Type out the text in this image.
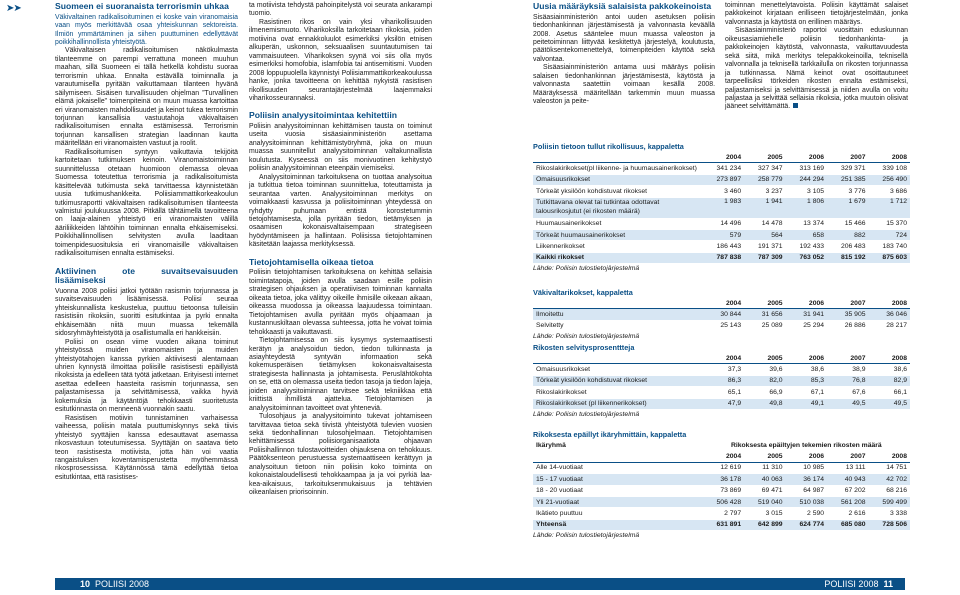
➤➤	Suomeen ei suoranaista terrorismin uhkaa

Väkivaltainen radikalisoituminen ei koske vain viranomaisia vaan myös merkittävää osaa yhteiskunnan sektoreista. Ilmiön ymmärtäminen ja siihen puuttuminen edellyttävät poikkihallinnollista yhteistyötä.

Väkivaltaisen radikalisoitumisen näkökulmasta tilanteemme on parempi verrattuna moneen muuhun maahan, sillä Suomeen ei tällä hetkellä kohdistu suoraa terrorismin uhkaa. Ennalta estävällä toiminnalla ja varautumisella pyritään vaikuttamaan tilanteen hyvänä säilymiseen. Sisäisen turvallisuuden ohjelman ”Turvallinen elämä jokaiselle” toimenpiteinä on muun muassa kartoittaa eri viranomaisten mahdollisuudet ja keinot tukea terrorismin torjunnan kansallisia vastuutahoja väkivaltaisen radikalisoitumisen ennalta estämisessä. Terrorismin torjunnan kansallisen strategian laadinnan kautta määritellään eri viranomaisten vastuut ja roolit.

Radikalisoitumisen syntyyn vaikuttavia tekijöitä kartoitetaan tutkimuksen keinoin. Viranomaistoiminnan suunnittelussa otetaan huomioon olemassa olevaa Suomessa toteutettua terrorismia ja radikalisoitumista käsittelevää tutkimusta sekä tarvittaessa käynnistetään uusia tutkimushankkeita. Poliisiammattikorkeakoulun tutkimusraportti väkivaltaisen radikalisoitumisen tilanteesta valmistui joulukuussa 2008. Pitkällä tähtäimellä tavoitteena on laaja-alainen yhteistyö eri viranomaisten välillä ääriliikkeiden lähtöihin toiminnan ennalta ehkäisemiseksi. Poikkihallinnollisen selvitysten avulla laaditaan toimenpidesuosituksia eri viranomaisille väkivaltaisen radikalisoitumisen ennalta estämiseksi.

Aktiivinen ote suvaitsevaisuuden lisäämiseksi

Vuonna 2008 poliisi jatkoi työtään rasismin torjunnassa ja suvaitsevaisuuden lisäämisessä. Poliisi seuraa yhteiskunnallista keskustelua, puuttuu tietoonsa tulleisiin rasistisiin rikoksiin, suoritti esitutkintaa ja pyrki ennalta ehkäisemään niitä muun muassa tekemällä sidosryhmäyhteistyötä ja osallistumalla eri hankkeisiin.

Poliisi on osean viime vuoden aikana toiminut yhteistyössä muiden viranomaisten ja muiden yhteistyötahojen kanssa pyrkien aktiivisesti alentamaan uhrien kynnystä ilmoittaa poliisille rasistisesti epäillyistä rikoksista ja edelleen tätä työtä jatketaan. Erityisesti internet asettaa edelleen haasteita rasismin torjunnassa, sen paljastamisessa ja selvittämisessä, vaikka hyviä kokemuksia ja käytäntöjä tehokkaasti suoritetusta esitutkinnasta on menneenä vuonnakin saatu.

Rasistisen motiivin tunnistaminen varhaisessa vaiheessa, poliisin matala puuttumiskynnys sekä tiivis yhteistyö syyttäjien kanssa edesauttavat asemassa rikosvastuun toteutumisessa. Syyttäjän on saatava tieto teon rasistisesta motiivista, jotta hän voi vaatia rangaistuksen koventamisperustetta myöhemmässä rikosprosessissa. Käytännössä tämä edellyttää tietoa esitutkintaa, että rasistises-

ta motiivista tehdystä pahoinpitelystä voi seurata ankarampi tuomio.

Rasistinen rikos on vain yksi viharikollisuuden ilmenemismuoto. Viharikoksilla tarkoitetaan rikoksia, joiden motiivina ovat ennakkoluulot esimerkiksi yksilön etnisen alkuperän, uskonnon, seksuaalisen suuntautumisen tai vammaisuuteen. Viharikoksen syynä voi siis olla myös esimerkiksi homofobia, islamfobia tai antisemitismi. Vuoden 2008 loppupuolella käynnistyi Poliisiammattikorkeakoulussa hanke, jonka tavoitteena on kehittää nykyistä rasistisen rikollisuuden seurantajärjestelmää laajemmaksi viharikosseurannaksi.

Poliisin analyysitoimintaa kehitettiin

Poliisin analyysitoiminnan kehittämisen tausta on toiminut useita vuosia sisäasiainministeriön asettama analyysitoiminnan kehittämistyöryhmä, joka on muun muassa suunnitellut analyysitoiminnan valtakunnallista koulutusta. Kyseessä on siis monivuotinen kehitystyö poliisin analyysitoiminnan eteenpäin viemiseksi.

Analyysitoiminnan tarkoituksena on tuottaa analysoitua ja tutkittua tietoa toiminnan suunnittelua, toteuttamista ja seurantaa varten. Analyysitoiminnan merkitys on voimakkaasti kasvussa ja poliisitoiminnan yhteydessä on ryhdytty puhumaan entistä korostetummin tietojohtamisesta, jolla pyritään tiedon, tietämyksen ja osaamisen kokonaisvaltaisempaan strategiseen hyödyntämiseen ja hallintaan. Poliisissa tietojohtaminen käsitetään laajassa merkityksessä.

Tietojohtamisella oikeaa tietoa

Poliisin tietojohtamisen tarkoituksena on kehittää sellaisia toimintatapoja, joiden avulla saadaan esille poliisin strategisen ohjauksen ja operatiivisen toiminnan kannalta oikeata tietoa, joka välittyy oikeille ihmisille oikeaan aikaan, oikeassa muodossa ja oikeassa laajuudessa toimintaan. Tietojohtamisen avulla pyritään myös ohjaamaan ja kustannuskiltaan olevassa suhteessa, jotta he voivat toimia tehokkaasti ja vaikuttavasti.

Tietojohtamisessa on siis kysymys systemaattisesti kerätyn ja analysoidun tiedon, tiedon tulkinnasta ja asiayhteydestä syntyvän informaation sekä kokemusperäisen tietämyksen kokonaisvaltaisesta strategisesta hallinnasta ja johtamisesta. Peruslähtökohta on se, että on olemassa useita tiedon tasoja ja tiedon lajeja, joiden analyysitoiminnan tarvitsee sekä tekniikkaa että kriittistä ihmillistä ajattelua. Tietojohtamisen ja analyysitoiminnan tavoitteet ovat yhteneviä.

Tulosohjaus ja analyysitoiminto tukevat johtamiseen tarvittavaa tietoa sekä tiivistä yhteistyötä tulevien vuosien sekä tiedonhallinnan tulosohjelmaan. Tietojohtamisen kehittämisessä poliisiorganisaatiota ohjaavan Poliisihallinnon tulostavoitteiden ohjauksena on tehokkuus. Päätöksenteon perustuessa systemaattiseen kerättyyn ja analysoituun tietoon niin poliisin koko toiminta on kokonaistaloudellisesti tehokkaampaa ja ja voi pyrkiä laakea-aikaisuus, tarkoituksenmukaisuus ja tehtävien oikeanlaisen priorisoinnin.

Uusia määräyksiä salaisista pakkokeinoista

Sisäasiainministeriön antoi uuden asetuksen poliisin tiedonhankinnan järjestämisestä ja valvonnasta keväällä 2008. Asetus sääntelee muun muassa valeoston ja peitetoiminnan liittyvää keskitettyä järjestelyä, koulutusta, päätöksentekomenettelyä, toimenpiteiden käyttöä sekä valvontaa.

Sisäasiainministeriön antama uusi määräys poliisin salaisen tiedonhankinnan järjestämisestä, käytöstä ja valvonnasta saatettiin voimaan kesällä 2008. Määräyksessä määritellään tarkemmin muun muassa valeoston ja peite-

toiminnan menettelytavoista. Poliisin käyttämät salaiset pakkokeinot kirjataan erilliseen tietojärjestelmään, jonka valvonnasta ja käytöstä on erillinen määräys.

Sisäasiainministeriö raportoi vuosittain eduskunnan oikeusasiamiehelle poliisin tiedonhankinta- ja pakkokeinojen käytöstä, valvonnasta, vaikuttavuudesta sekä siitä, mikä merkitys telepakkokeinoilla, teknisellä valvonnalla ja teknisellä tarkkailulla on rikosten torjunnassa ja tutkinnassa. Nämä keinot ovat osoittautuneet tarpeellisiksi törkeiden rikosten ennalta estämiseksi, paljastamiseksi ja selvittämisessä ja niiden avulla on voitu paljastaa ja selvittää sellaisia rikoksia, jotka muutoin olisivat jääneet selvittämättä.

Poliisin tietoon tullut rikollisuus, kappaletta
	2004	2005	2006	2007	2008
Rikoslakirikokset(pl liikenne- ja huumausainerikokset)	341 234	327 347	313 169	329 371	339 108
Omaisuusrikokset	273 897	258 779	244 294	251 385	256 490
Törkeät yksilöön kohdistuvat rikokset	3 460	3 237	3 105	3 776	3 686
Tutkittavana olevat tai tutkintaa odottavat talousrikosjutut (ei rikosten määrä)	1 983	1 941	1 806	1 679	1 712
Huumausainerikokset	14 496	14 478	13 374	15 466	15 370
Törkeät huumausainerikokset	579	564	658	882	724
Liikennerikokset	186 443	191 371	192 433	206 483	183 740
Kaikki rikokset	787 838	787 309	763 052	815 192	875 603
Lähde: Poliisin tulostietojärjestelmä
Väkivaltarikokset, kappaletta
	2004	2005	2006	2007	2008
Ilmoitettu	30 844	31 656	31 941	35 905	36 046
Selvitetty	25 143	25 089	25 294	26 886	28 217
Lähde: Poliisin tulostietojärjestelmä
Rikosten selvitysprosenttteja
	2004	2005	2006	2007	2008
Omaisuusrikokset	37,3	39,6	38,6	38,9	38,6
Törkeät yksilöön kohdistuvat rikokset	86,3	82,0	85,3	76,8	82,9
Rikoslakirikokset	65,1	66,9	67,1	67,6	66,1
Rikoslakirikokset (pl liikennerikokset)	47,9	49,8	49,1	49,5	49,5
Lähde: Poliisin tulostietojärjestelmä
Rikoksesta epäillyt ikäryhmittäin, kappaletta
Ikäryhmä	Rikoksesta epäiltyjen tekemien rikosten määrä				
	2004	2005	2006	2007	2008
Alle 14-vuotiaat	12 619	11 310	10 985	13 111	14 751
15 - 17 vuotiaat	36 178	40 063	36 174	40 943	42 702
18 - 20 vuotiaat	73 869	69 471	64 987	67 202	68 216
Yli 21-vuotiaat	506 428	519 040	510 038	561 208	599 499
Ikätieto puuttuu	2 797	3 015	2 590	2 616	3 338
Yhteensä	631 891	642 899	624 774	685 080	728 506
Lähde: Poliisin tulostietojärjestelmä
10 POLIISI 2008	POLIISI 2008 11
